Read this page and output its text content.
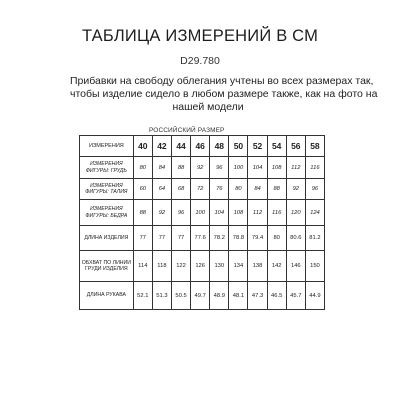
ТАБЛИЦА ИЗМЕРЕНИЙ В СМ
D29.780
Прибавки на свободу облегания учтены во всех размерах так,
чтобы изделие сидело в любом размере также, как на фото на
нашей модели
РОССИЙСКИЙ РАЗМЕР
ИЗМЕРЕНИЯ	40	42	44	46	48	50	52	54	56	58
ИЗМЕРЕНИЯ ФИГУРЫ: ГРУДЬ	80	84	88	92	96	100	104	108	112	116
ИЗМЕРЕНИЯ ФИГУРЫ: ТАЛИЯ	60	64	68	72	76	80	84	88	92	96
ИЗМЕРЕНИЯ ФИГУРЫ: БЕДРА	88	92	96	100	104	108	112	116	120	124
ДЛИНА ИЗДЕЛИЯ	77	77	77	77.6	78.2	78.8	79.4	80	80.6	81.2
ОБХВАТ ПО ЛИНИИ ГРУДИ ИЗДЕЛИЯ	114	118	122	126	130	134	138	142	146	150
ДЛИНА РУКАВА	52.1	51.3	50.5	49.7	48.9	48.1	47.3	46.5	45.7	44.9
